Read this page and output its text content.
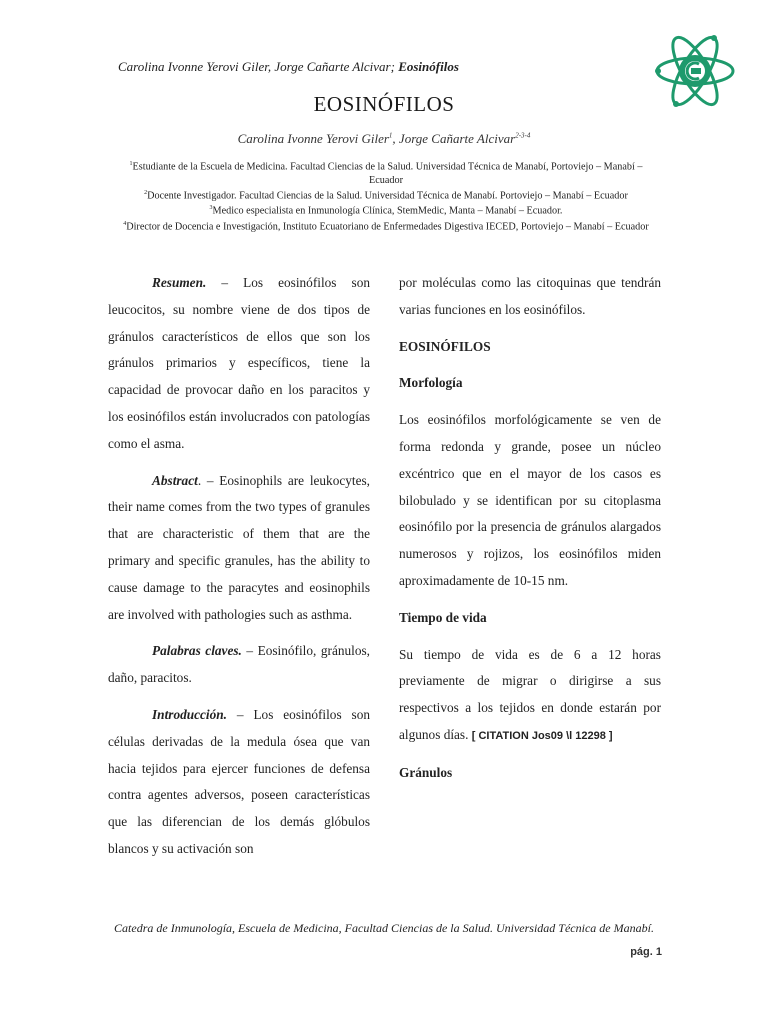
Carolina Ivonne Yerovi Giler, Jorge Cañarte Alcivar; Eosinófilos
EOSINÓFILOS
Carolina Ivonne Yerovi Giler$^1$, Jorge Cañarte Alcivar$^{2-3-4}$
$^1$Estudiante de la Escuela de Medicina. Facultad Ciencias de la Salud. Universidad Técnica de Manabí, Portoviejo – Manabí – Ecuador
$^2$Docente Investigador. Facultad Ciencias de la Salud. Universidad Técnica de Manabí. Portoviejo – Manabí – Ecuador
$^3$Medico especialista en Inmunología Clínica, StemMedic, Manta – Manabí – Ecuador.
$^4$Director de Docencia e Investigación, Instituto Ecuatoriano de Enfermedades Digestiva IECED, Portoviejo – Manabí – Ecuador

Resumen. – Los eosinófilos son leucocitos, su nombre viene de dos tipos de gránulos característicos de ellos que son los gránulos primarios y específicos, tiene la capacidad de provocar daño en los paracitos y los eosinófilos están involucrados con patologías como el asma.

Abstract. – Eosinophils are leukocytes, their name comes from the two types of granules that are characteristic of them that are the primary and specific granules, has the ability to cause damage to the paracytes and eosinophils are involved with pathologies such as asthma.

Palabras claves. – Eosinófilo, gránulos, daño, paracitos.

Introducción. – Los eosinófilos son células derivadas de la medula ósea que van hacia tejidos para ejercer funciones de defensa contra agentes adversos, poseen características que las diferencian de los demás glóbulos blancos y su activación son

por moléculas como las citoquinas que tendrán varias funciones en los eosinófilos.

EOSINÓFILOS
Morfología

Los eosinófilos morfológicamente se ven de forma redonda y grande, posee un núcleo excéntrico que en el mayor de los casos es bilobulado y se identifican por su citoplasma eosinófilo por la presencia de gránulos alargados numerosos y rojizos, los eosinófilos miden aproximadamente de 10-15 nm.

Tiempo de vida

Su tiempo de vida es de 6 a 12 horas previamente de migrar o dirigirse a sus respectivos a los tejidos en donde estarán por algunos días. [ CITATION Jos09 \l 12298 ]

Gránulos
Catedra de Inmunología, Escuela de Medicina, Facultad Ciencias de la Salud. Universidad Técnica de Manabí.
pág. 1
